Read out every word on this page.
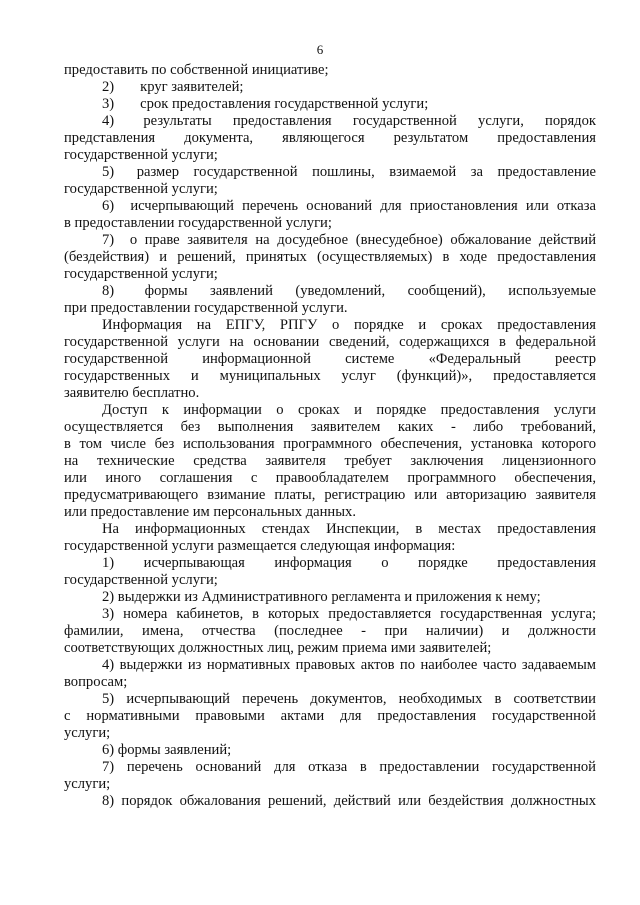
6
предоставить по собственной инициативе;
2) круг заявителей;
3) срок предоставления государственной услуги;
4) результаты предоставления государственной услуги, порядок
представления документа, являющегося результатом предоставления
государственной услуги;
5) размер государственной пошлины, взимаемой за предоставление
государственной услуги;
6) исчерпывающий перечень оснований для приостановления или отказа
в предоставлении государственной услуги;
7) о праве заявителя на досудебное (внесудебное) обжалование действий
(бездействия) и решений, принятых (осуществляемых) в ходе предоставления
государственной услуги;
8) формы заявлений (уведомлений, сообщений), используемые
при предоставлении государственной услуги.
Информация на ЕПГУ, РПГУ о порядке и сроках предоставления
государственной услуги на основании сведений, содержащихся в федеральной
государственной информационной системе «Федеральный реестр
государственных и муниципальных услуг (функций)», предоставляется
заявителю бесплатно.
Доступ к информации о сроках и порядке предоставления услуги
осуществляется без выполнения заявителем каких - либо требований,
в том числе без использования программного обеспечения, установка которого
на технические средства заявителя требует заключения лицензионного
или иного соглашения с правообладателем программного обеспечения,
предусматривающего взимание платы, регистрацию или авторизацию заявителя
или предоставление им персональных данных.
На информационных стендах Инспекции, в местах предоставления
государственной услуги размещается следующая информация:
1) исчерпывающая информация о порядке предоставления
государственной услуги;
2) выдержки из Административного регламента и приложения к нему;
3) номера кабинетов, в которых предоставляется государственная услуга;
фамилии, имена, отчества (последнее - при наличии) и должности
соответствующих должностных лиц, режим приема ими заявителей;
4) выдержки из нормативных правовых актов по наиболее часто задаваемым
вопросам;
5) исчерпывающий перечень документов, необходимых в соответствии
с нормативными правовыми актами для предоставления государственной
услуги;
6) формы заявлений;
7) перечень оснований для отказа в предоставлении государственной
услуги;
8) порядок обжалования решений, действий или бездействия должностных
